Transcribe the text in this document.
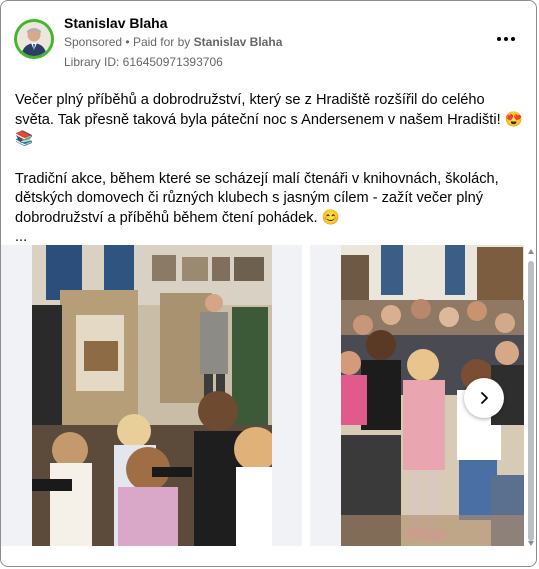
Stanislav Blaha
Sponsored • Paid for by Stanislav Blaha
Library ID: 616450971393706

Večer plný příběhů a dobrodružství, který se z Hradiště rozšířil do celého světa. Tak přesně taková byla páteční noc s Andersenem v našem Hradišti! 😍 📚

Tradiční akce, během které se scházejí malí čtenáři v knihovnách, školách, dětských domovech či různých klubech s jasným cílem - zažít večer plný dobrodružství a příběhů během čtení pohádek. 😊

...
